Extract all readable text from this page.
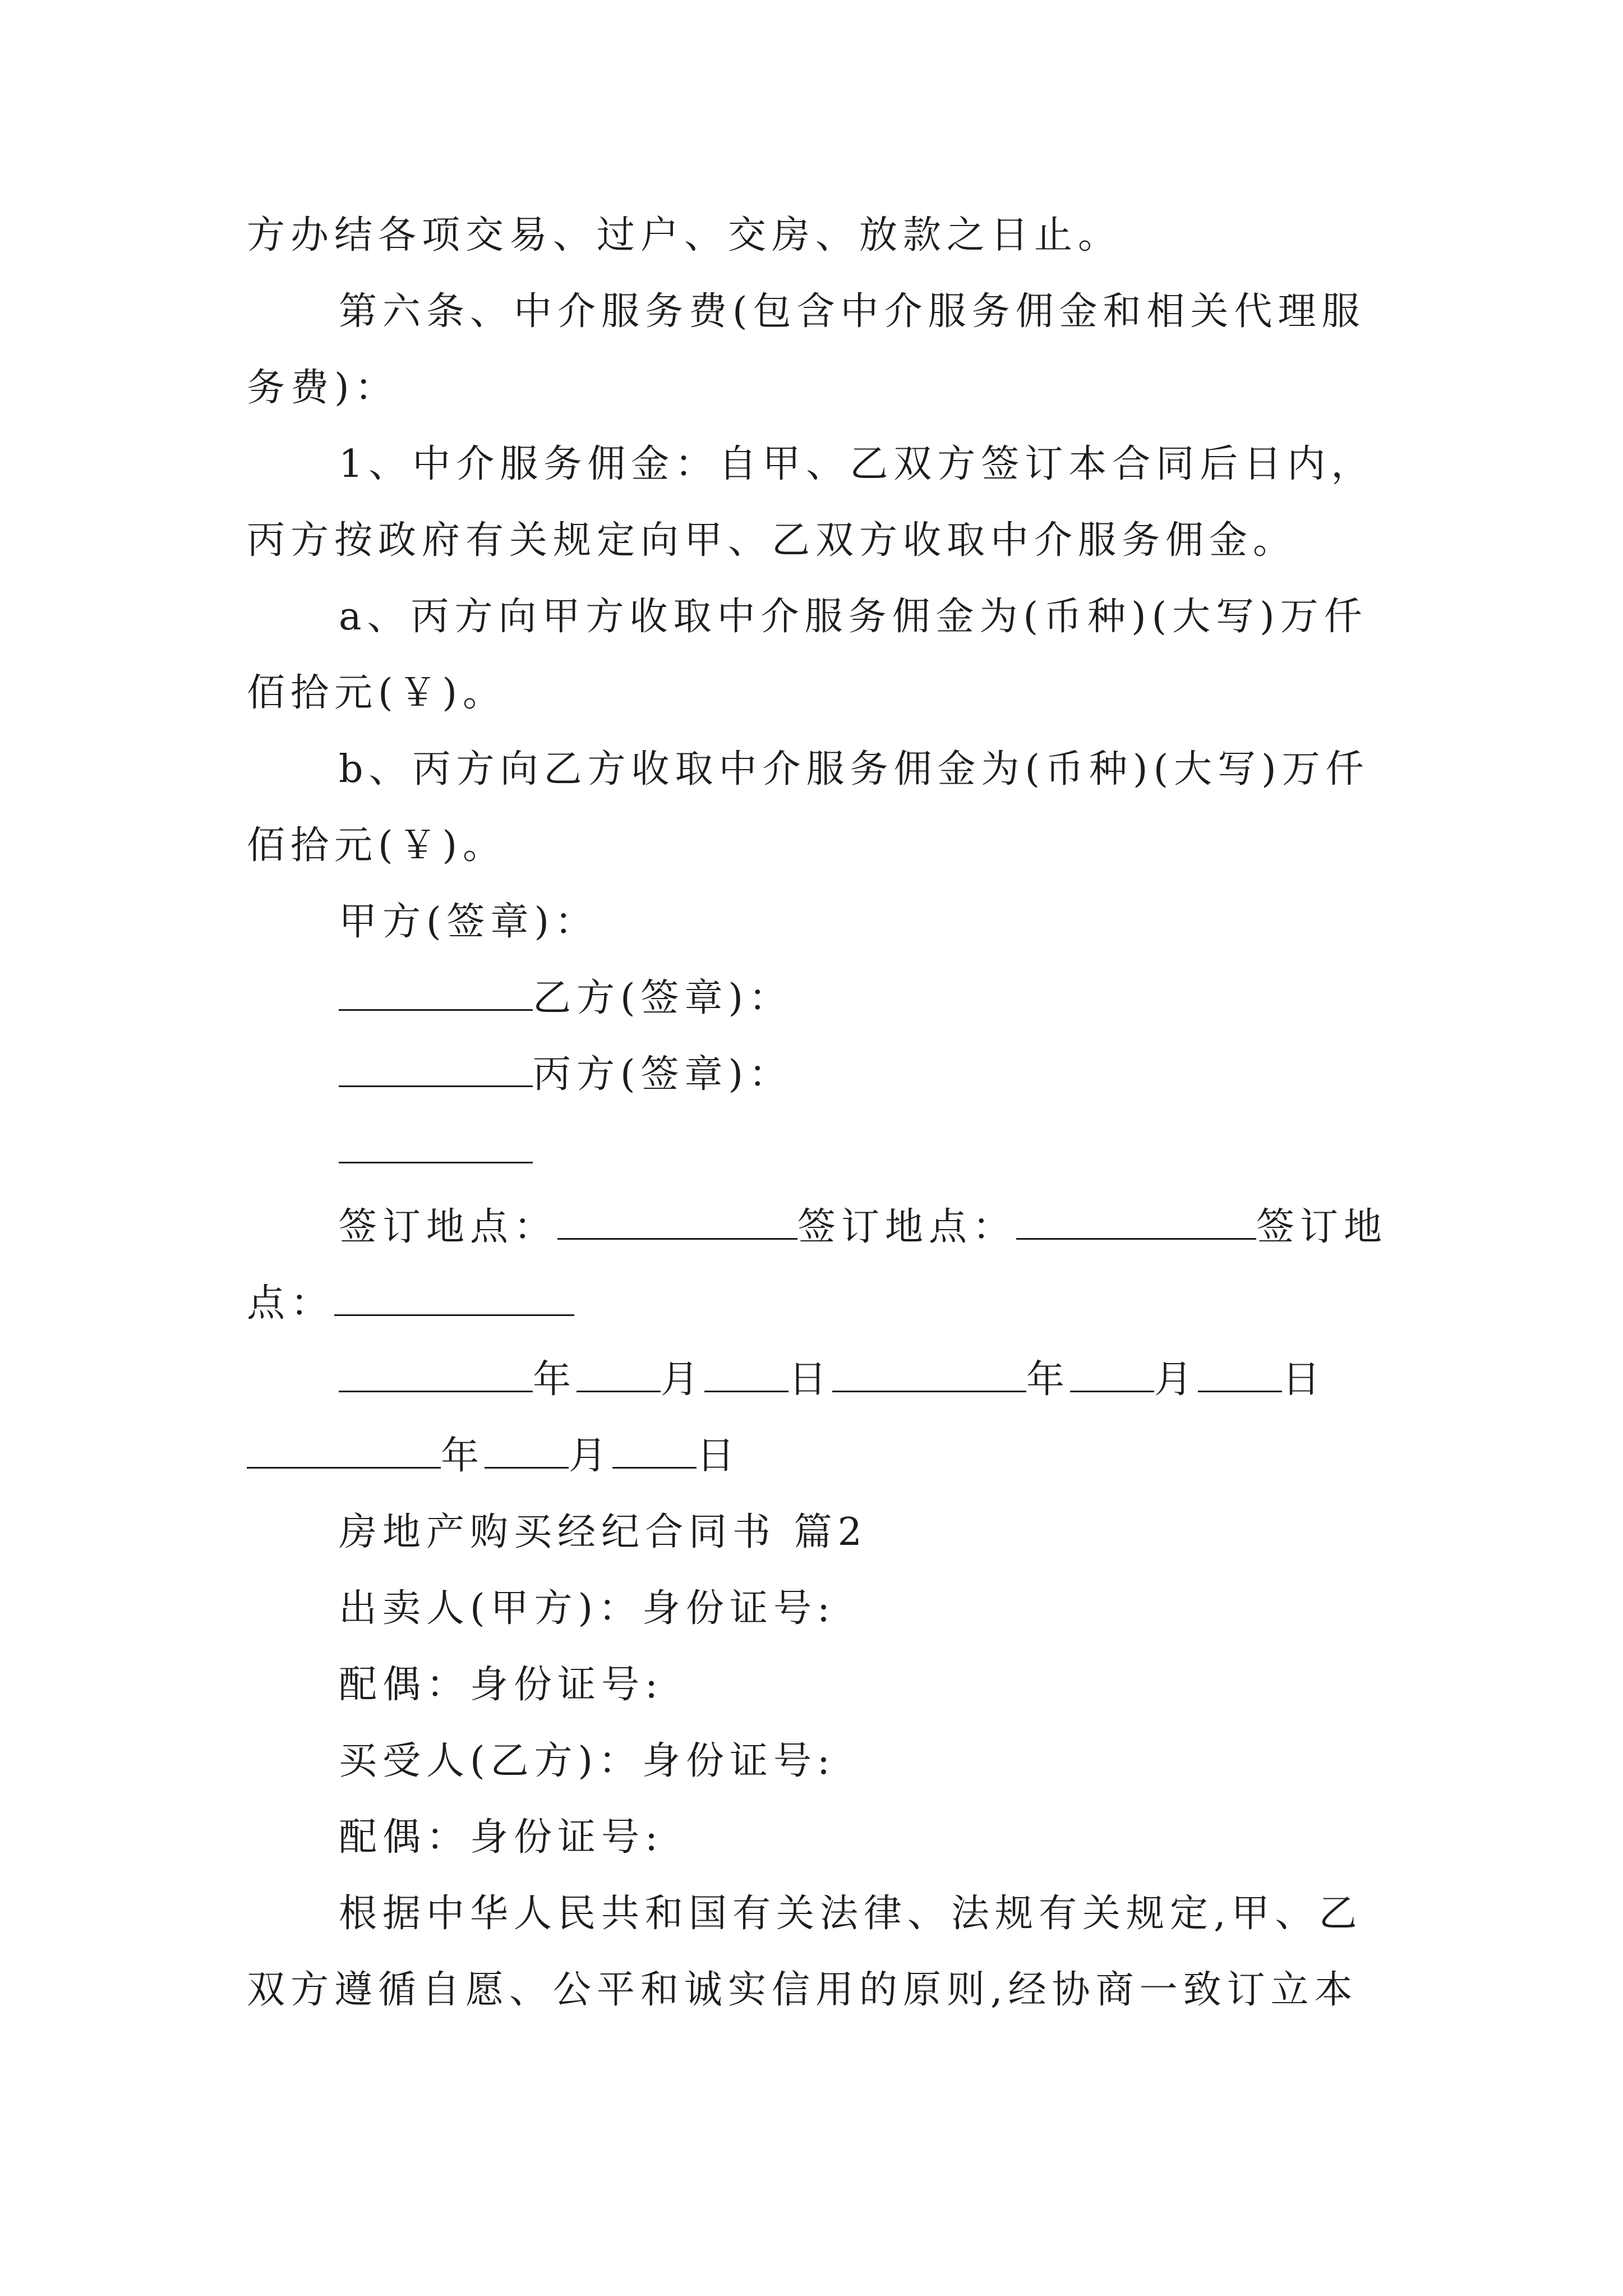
方办结各项交易、过户、交房、放款之日止。
第六条、中介服务费(包含中介服务佣金和相关代理服
务费)：
1、中介服务佣金：自甲、乙双方签订本合同后日内，
丙方按政府有关规定向甲、乙双方收取中介服务佣金。
a、丙方向甲方收取中介服务佣金为(币种)(大写)万仟
佰拾元(￥)。
b、丙方向乙方收取中介服务佣金为(币种)(大写)万仟
佰拾元(￥)。
甲方(签章)：
乙方(签章)：
丙方(签章)：
签订地点：	签订地点：	签订地
点：
年 月 日	年 月 日
年 月 日
房地产购买经纪合同书 篇2
出卖人(甲方)：身份证号:
配偶：身份证号:
买受人(乙方)：身份证号:
配偶：身份证号:
根据中华人民共和国有关法律、法规有关规定,甲、乙
双方遵循自愿、公平和诚实信用的原则,经协商一致订立本
